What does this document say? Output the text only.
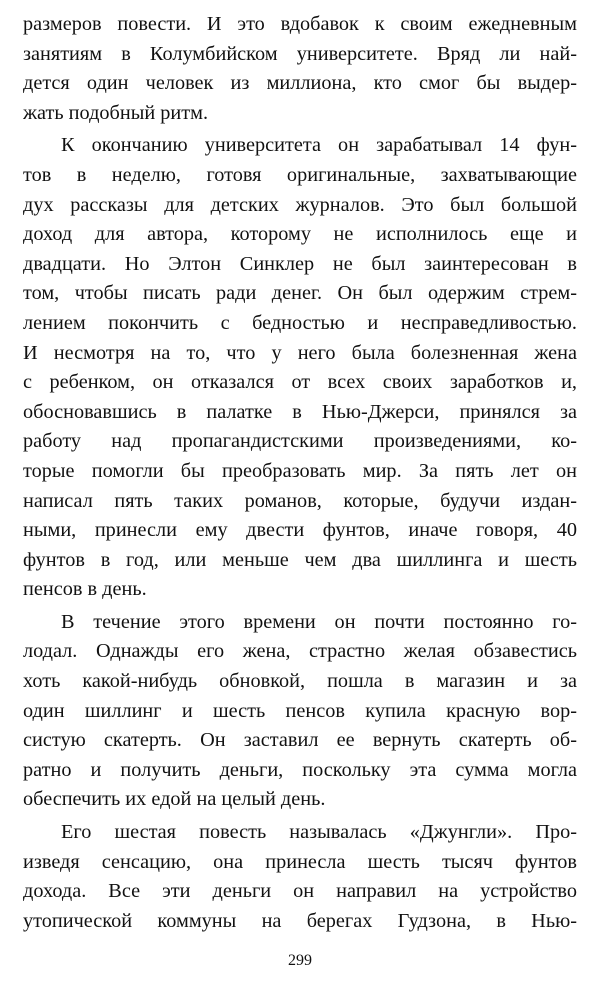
размеров повести. И это вдобавок к своим ежедневным
занятиям в Колумбийском университете. Вряд ли най-
дется один человек из миллиона, кто смог бы выдер-
жать подобный ритм.
К окончанию университета он зарабатывал 14 фун-
тов в неделю, готовя оригинальные, захватывающие
дух рассказы для детских журналов. Это был большой
доход для автора, которому не исполнилось еще и
двадцати. Но Элтон Синклер не был заинтересован в
том, чтобы писать ради денег. Он был одержим стрем-
лением покончить с бедностью и несправедливостью.
И несмотря на то, что у него была болезненная жена
с ребенком, он отказался от всех своих заработков и,
обосновавшись в палатке в Нью-Джерси, принялся за
работу над пропагандистскими произведениями, ко-
торые помогли бы преобразовать мир. За пять лет он
написал пять таких романов, которые, будучи издан-
ными, принесли ему двести фунтов, иначе говоря, 40
фунтов в год, или меньше чем два шиллинга и шесть
пенсов в день.
В течение этого времени он почти постоянно го-
лодал. Однажды его жена, страстно желая обзавестись
хоть какой-нибудь обновкой, пошла в магазин и за
один шиллинг и шесть пенсов купила красную вор-
систую скатерть. Он заставил ее вернуть скатерть об-
ратно и получить деньги, поскольку эта сумма могла
обеспечить их едой на целый день.
Его шестая повесть называлась «Джунгли». Про-
изведя сенсацию, она принесла шесть тысяч фунтов
дохода. Все эти деньги он направил на устройство
утопической коммуны на берегах Гудзона, в Нью-
299
